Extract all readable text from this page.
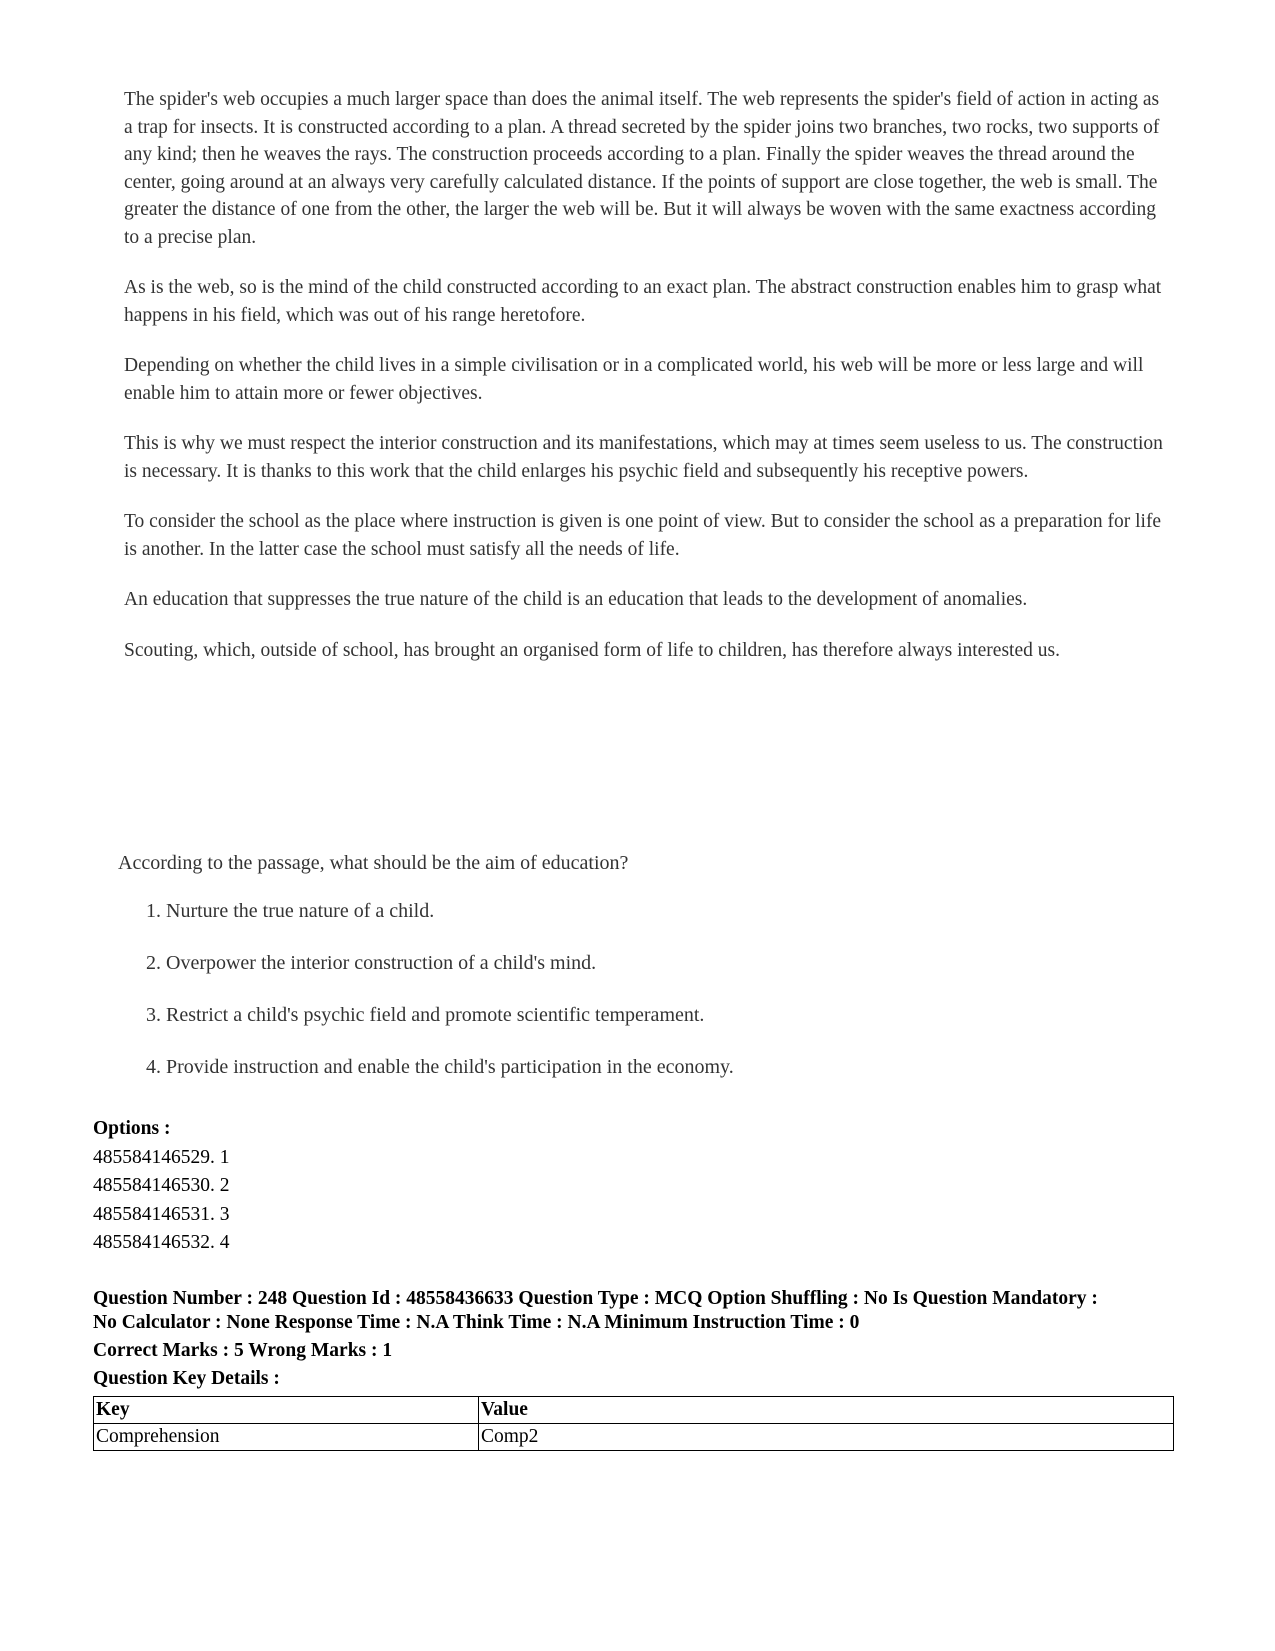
The spider's web occupies a much larger space than does the animal itself. The web represents the spider's field of action in acting as a trap for insects. It is constructed according to a plan. A thread secreted by the spider joins two branches, two rocks, two supports of any kind; then he weaves the rays. The construction proceeds according to a plan. Finally the spider weaves the thread around the center, going around at an always very carefully calculated distance. If the points of support are close together, the web is small. The greater the distance of one from the other, the larger the web will be. But it will always be woven with the same exactness according to a precise plan.

As is the web, so is the mind of the child constructed according to an exact plan. The abstract construction enables him to grasp what happens in his field, which was out of his range heretofore.

Depending on whether the child lives in a simple civilisation or in a complicated world, his web will be more or less large and will enable him to attain more or fewer objectives.

This is why we must respect the interior construction and its manifestations, which may at times seem useless to us. The construction is necessary. It is thanks to this work that the child enlarges his psychic field and subsequently his receptive powers.

To consider the school as the place where instruction is given is one point of view. But to consider the school as a preparation for life is another. In the latter case the school must satisfy all the needs of life.

An education that suppresses the true nature of the child is an education that leads to the development of anomalies.

Scouting, which, outside of school, has brought an organised form of life to children, has therefore always interested us.

According to the passage, what should be the aim of education?

1. Nurture the true nature of a child.

2. Overpower the interior construction of a child's mind.

3. Restrict a child's psychic field and promote scientific temperament.

4. Provide instruction and enable the child's participation in the economy.

Options :
485584146529. 1
485584146530. 2
485584146531. 3
485584146532. 4

Question Number : 248 Question Id : 48558436633 Question Type : MCQ Option Shuffling : No Is Question Mandatory :

No Calculator : None Response Time : N.A Think Time : N.A Minimum Instruction Time : 0

Correct Marks : 5 Wrong Marks : 1
Question Key Details :
Key	Value
Comprehension	Comp2
